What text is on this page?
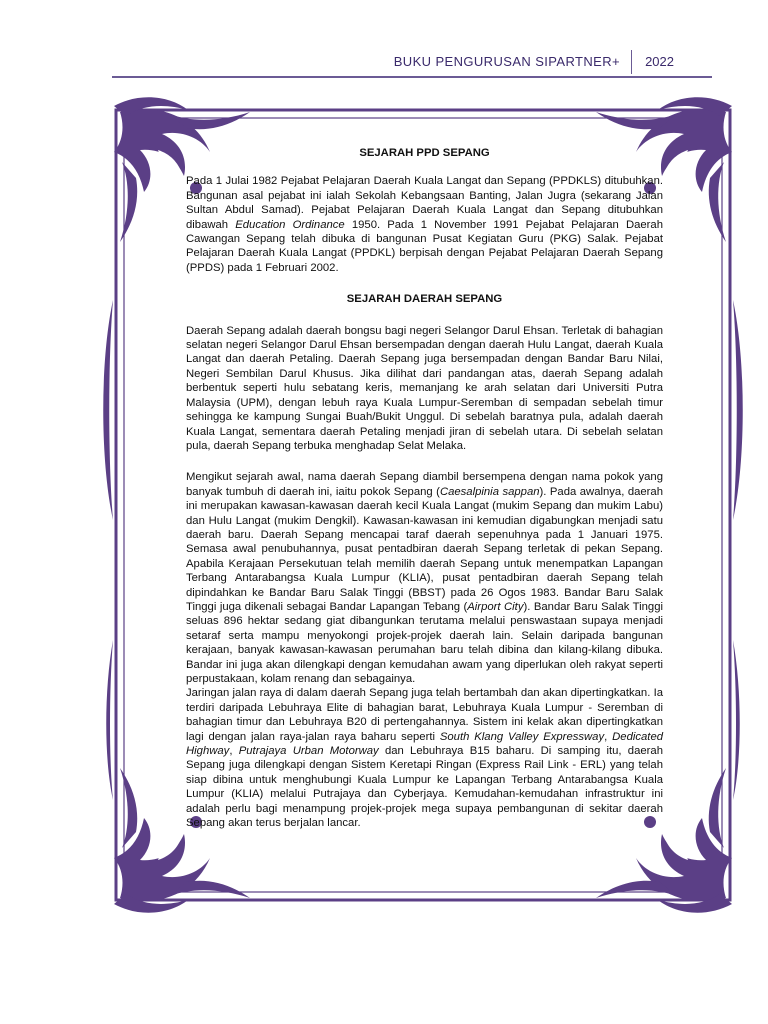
BUKU PENGURUSAN SIPARTNER+ 2022

SEJARAH PPD SEPANG

Pada 1 Julai 1982 Pejabat Pelajaran Daerah Kuala Langat dan Sepang (PPDKLS) ditubuhkan. Bangunan asal pejabat ini ialah Sekolah Kebangsaan Banting, Jalan Jugra (sekarang Jalan Sultan Abdul Samad). Pejabat Pelajaran Daerah Kuala Langat dan Sepang ditubuhkan dibawah Education Ordinance 1950. Pada 1 November 1991 Pejabat Pelajaran Daerah Cawangan Sepang telah dibuka di bangunan Pusat Kegiatan Guru (PKG) Salak. Pejabat Pelajaran Daerah Kuala Langat (PPDKL) berpisah dengan Pejabat Pelajaran Daerah Sepang (PPDS) pada 1 Februari 2002.

SEJARAH DAERAH SEPANG

Daerah Sepang adalah daerah bongsu bagi negeri Selangor Darul Ehsan. Terletak di bahagian selatan negeri Selangor Darul Ehsan bersempadan dengan daerah Hulu Langat, daerah Kuala Langat dan daerah Petaling. Daerah Sepang juga bersempadan dengan Bandar Baru Nilai, Negeri Sembilan Darul Khusus. Jika dilihat dari pandangan atas, daerah Sepang adalah berbentuk seperti hulu sebatang keris, memanjang ke arah selatan dari Universiti Putra Malaysia (UPM), dengan lebuh raya Kuala Lumpur-Seremban di sempadan sebelah timur sehingga ke kampung Sungai Buah/Bukit Unggul. Di sebelah baratnya pula, adalah daerah Kuala Langat, sementara daerah Petaling menjadi jiran di sebelah utara. Di sebelah selatan pula, daerah Sepang terbuka menghadap Selat Melaka.

Mengikut sejarah awal, nama daerah Sepang diambil bersempena dengan nama pokok yang banyak tumbuh di daerah ini, iaitu pokok Sepang (Caesalpinia sappan). Pada awalnya, daerah ini merupakan kawasan-kawasan daerah kecil Kuala Langat (mukim Sepang dan mukim Labu) dan Hulu Langat (mukim Dengkil). Kawasan-kawasan ini kemudian digabungkan menjadi satu daerah baru. Daerah Sepang mencapai taraf daerah sepenuhnya pada 1 Januari 1975. Semasa awal penubuhannya, pusat pentadbiran daerah Sepang terletak di pekan Sepang. Apabila Kerajaan Persekutuan telah memilih daerah Sepang untuk menempatkan Lapangan Terbang Antarabangsa Kuala Lumpur (KLIA), pusat pentadbiran daerah Sepang telah dipindahkan ke Bandar Baru Salak Tinggi (BBST) pada 26 Ogos 1983. Bandar Baru Salak Tinggi juga dikenali sebagai Bandar Lapangan Tebang (Airport City). Bandar Baru Salak Tinggi seluas 896 hektar sedang giat dibangunkan terutama melalui penswastaan supaya menjadi setaraf serta mampu menyokongi projek-projek daerah lain. Selain daripada bangunan kerajaan, banyak kawasan-kawasan perumahan baru telah dibina dan kilang-kilang dibuka. Bandar ini juga akan dilengkapi dengan kemudahan awam yang diperlukan oleh rakyat seperti perpustakaan, kolam renang dan sebagainya.

Jaringan jalan raya di dalam daerah Sepang juga telah bertambah dan akan dipertingkatkan. Ia terdiri daripada Lebuhraya Elite di bahagian barat, Lebuhraya Kuala Lumpur - Seremban di bahagian timur dan Lebuhraya B20 di pertengahannya. Sistem ini kelak akan dipertingkatkan lagi dengan jalan raya-jalan raya baharu seperti South Klang Valley Expressway, Dedicated Highway, Putrajaya Urban Motorway dan Lebuhraya B15 baharu. Di samping itu, daerah Sepang juga dilengkapi dengan Sistem Keretapi Ringan (Express Rail Link - ERL) yang telah siap dibina untuk menghubungi Kuala Lumpur ke Lapangan Terbang Antarabangsa Kuala Lumpur (KLIA) melalui Putrajaya dan Cyberjaya. Kemudahan-kemudahan infrastruktur ini adalah perlu bagi menampung projek-projek mega supaya pembangunan di sekitar daerah Sepang akan terus berjalan lancar.
